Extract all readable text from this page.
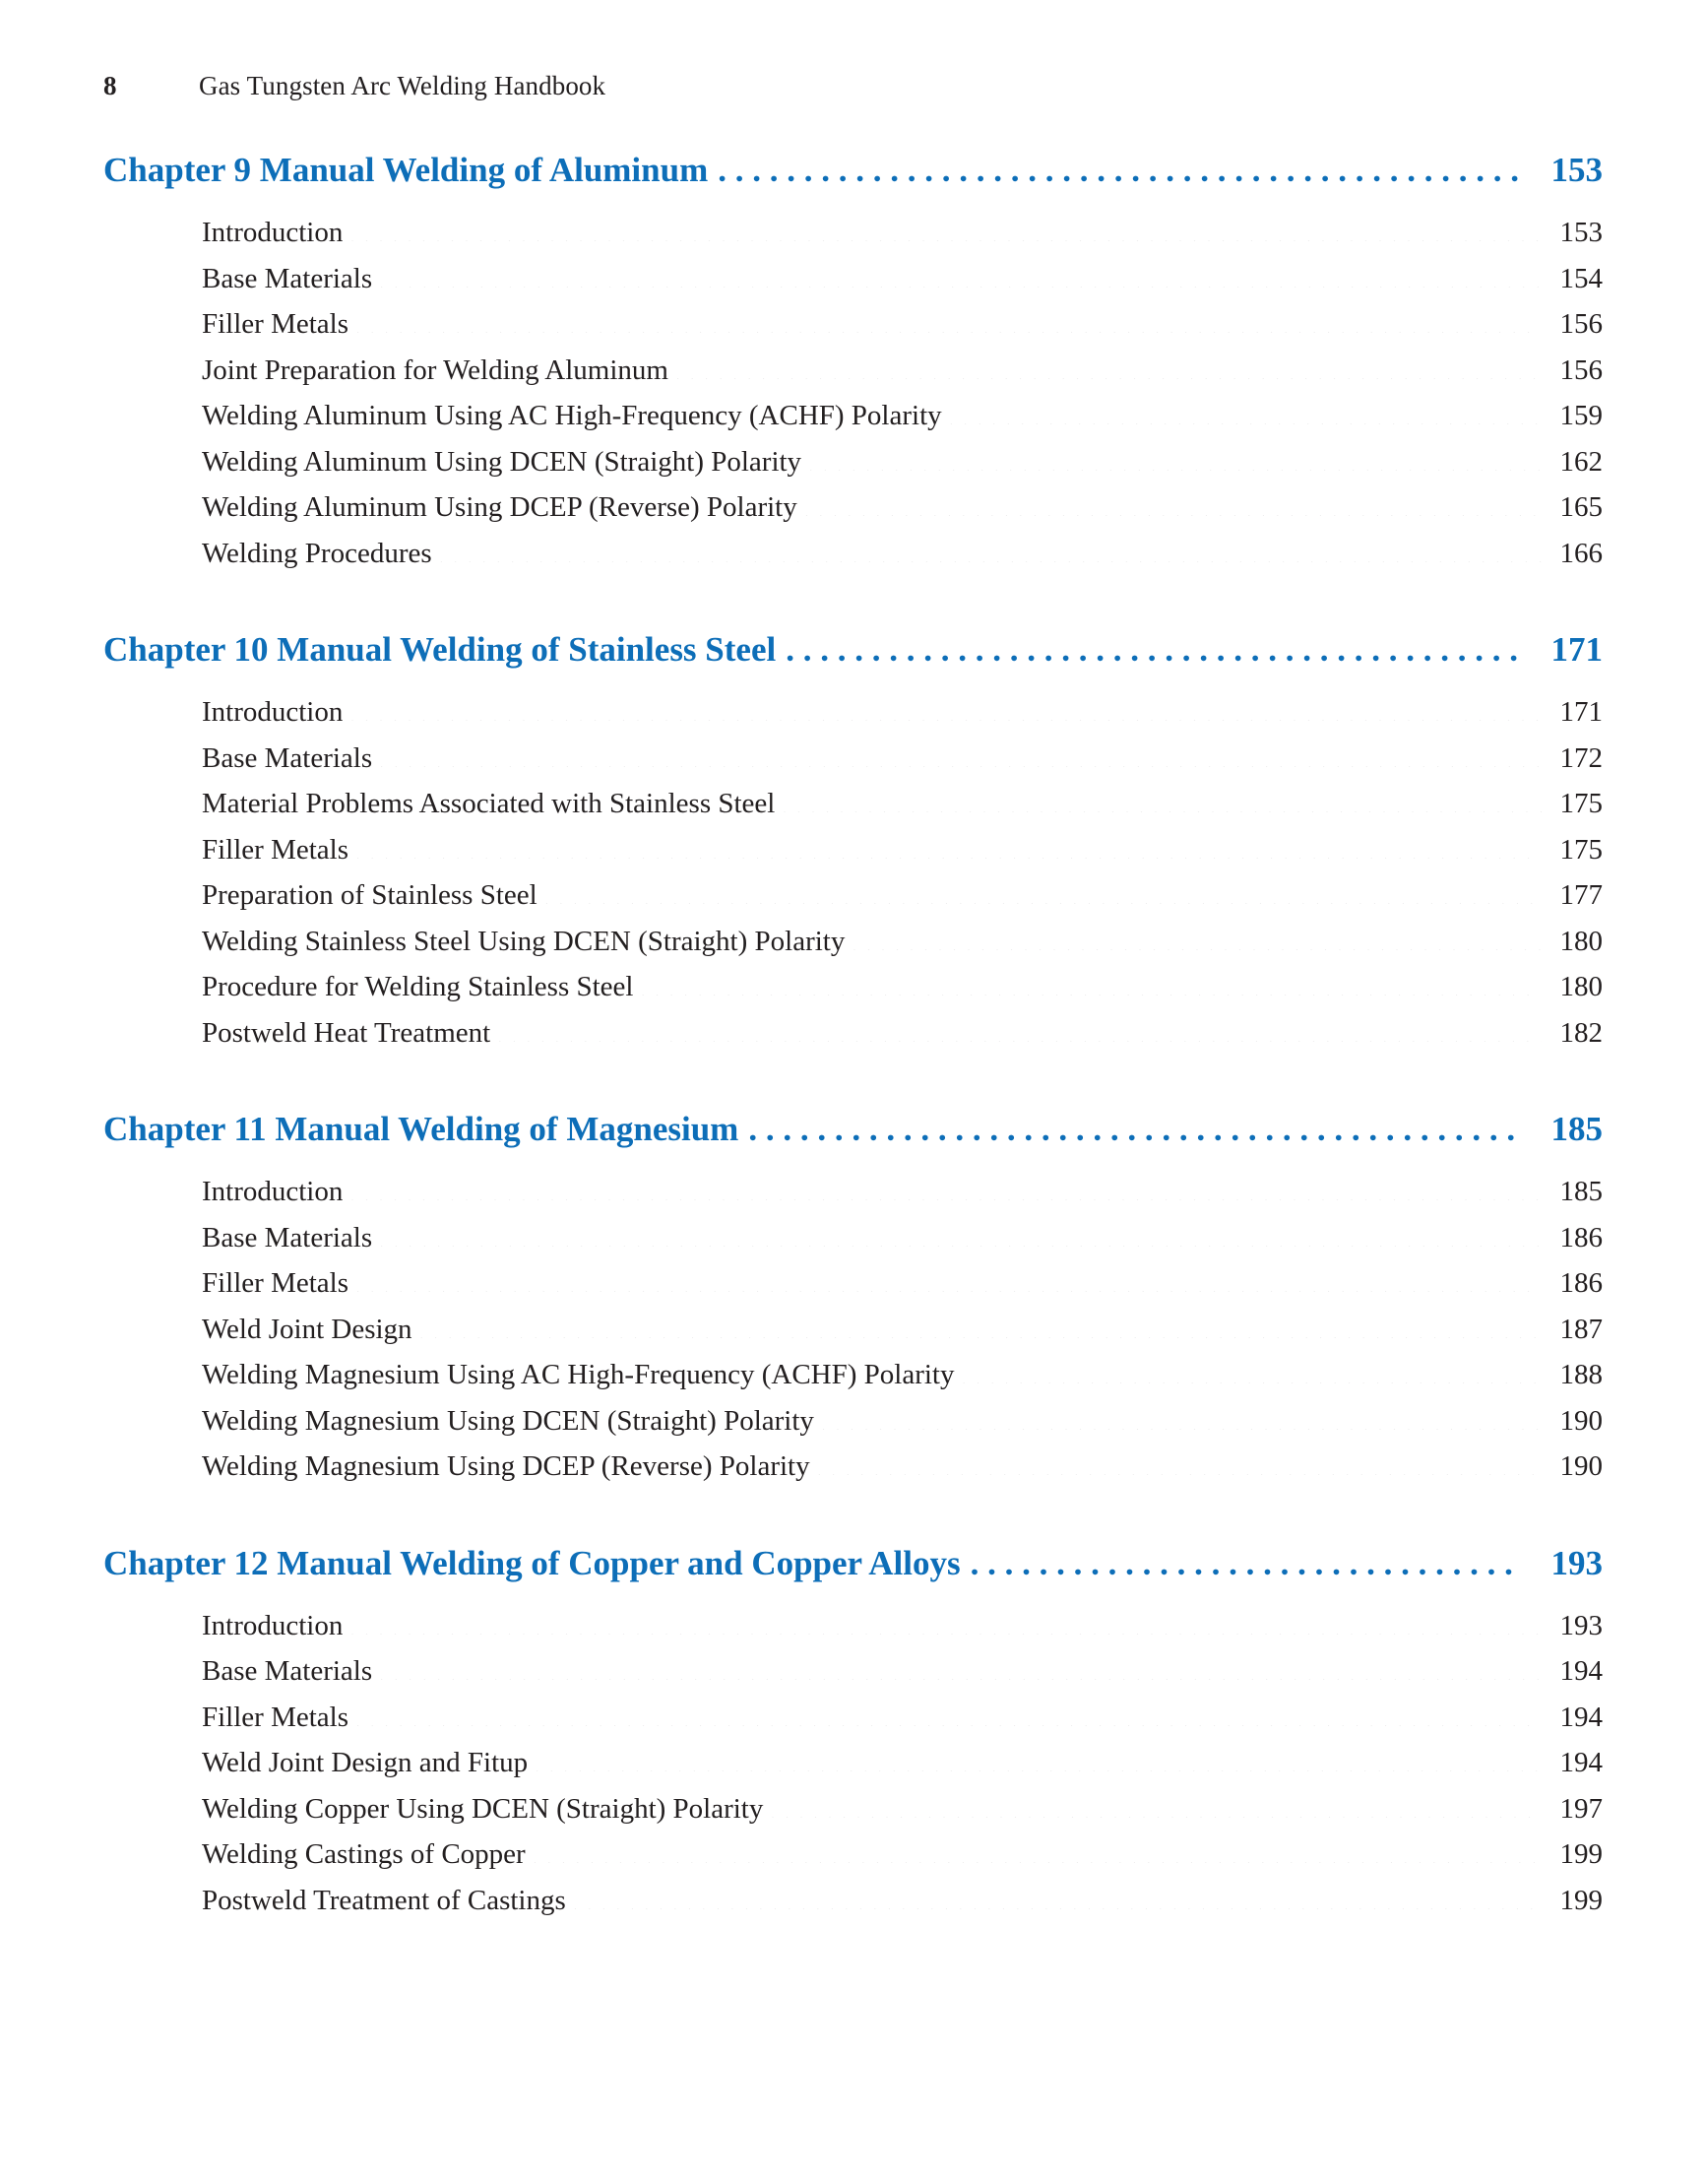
8	Gas Tungsten Arc Welding Handbook
Chapter 9 Manual Welding of Aluminum . . .	153
Introduction . . .	153
Base Materials . . .	154
Filler Metals . . .	156
Joint Preparation for Welding Aluminum . . .	156
Welding Aluminum Using AC High-Frequency (ACHF) Polarity . . .	159
Welding Aluminum Using DCEN (Straight) Polarity . . .	162
Welding Aluminum Using DCEP (Reverse) Polarity . . .	165
Welding Procedures . . .	166
Chapter 10 Manual Welding of Stainless Steel . . .	171
Introduction . . .	171
Base Materials . . .	172
Material Problems Associated with Stainless Steel . . .	175
Filler Metals . . .	175
Preparation of Stainless Steel . . .	177
Welding Stainless Steel Using DCEN (Straight) Polarity . . .	180
Procedure for Welding Stainless Steel . . .	180
Postweld Heat Treatment . . .	182
Chapter 11 Manual Welding of Magnesium . . .	185
Introduction . . .	185
Base Materials . . .	186
Filler Metals . . .	186
Weld Joint Design . . .	187
Welding Magnesium Using AC High-Frequency (ACHF) Polarity . . .	188
Welding Magnesium Using DCEN (Straight) Polarity . . .	190
Welding Magnesium Using DCEP (Reverse) Polarity . . .	190
Chapter 12 Manual Welding of Copper and Copper Alloys . . .	193
Introduction . . .	193
Base Materials . . .	194
Filler Metals . . .	194
Weld Joint Design and Fitup . . .	194
Welding Copper Using DCEN (Straight) Polarity . . .	197
Welding Castings of Copper . . .	199
Postweld Treatment of Castings . . .	199
